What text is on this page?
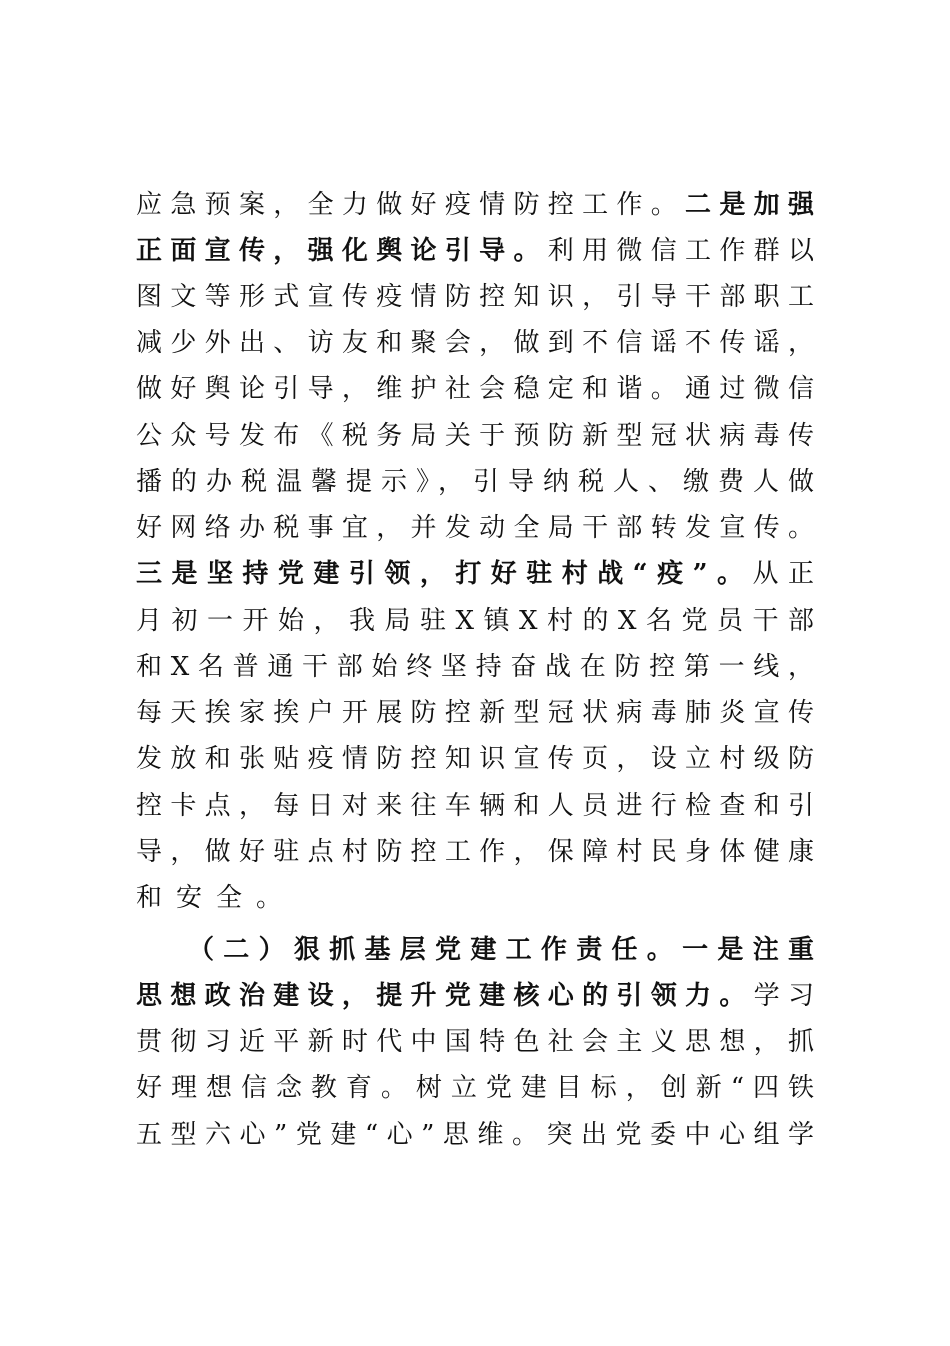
应急预案，全力做好疫情防控工作。二是加强
正面宣传，强化舆论引导。利用微信工作群以
图文等形式宣传疫情防控知识，引导干部职工
减少外出、访友和聚会，做到不信谣不传谣，
做好舆论引导，维护社会稳定和谐。通过微信
公众号发布《税务局关于预防新型冠状病毒传
播的办税温馨提示》，引导纳税人、缴费人做
好网络办税事宜，并发动全局干部转发宣传。
三是坚持党建引领，打好驻村战“疫”。从正
月初一开始，我局驻X镇X村的X名党员干部
和X名普通干部始终坚持奋战在防控第一线，
每天挨家挨户开展防控新型冠状病毒肺炎宣传
发放和张贴疫情防控知识宣传页，设立村级防
控卡点，每日对来往车辆和人员进行检查和引
导，做好驻点村防控工作，保障村民身体健康
和安全。
（二）狠抓基层党建工作责任。一是注重
思想政治建设，提升党建核心的引领力。学习
贯彻习近平新时代中国特色社会主义思想，抓
好理想信念教育。树立党建目标，创新“四铁
五型六心”党建“心”思维。突出党委中心组学
